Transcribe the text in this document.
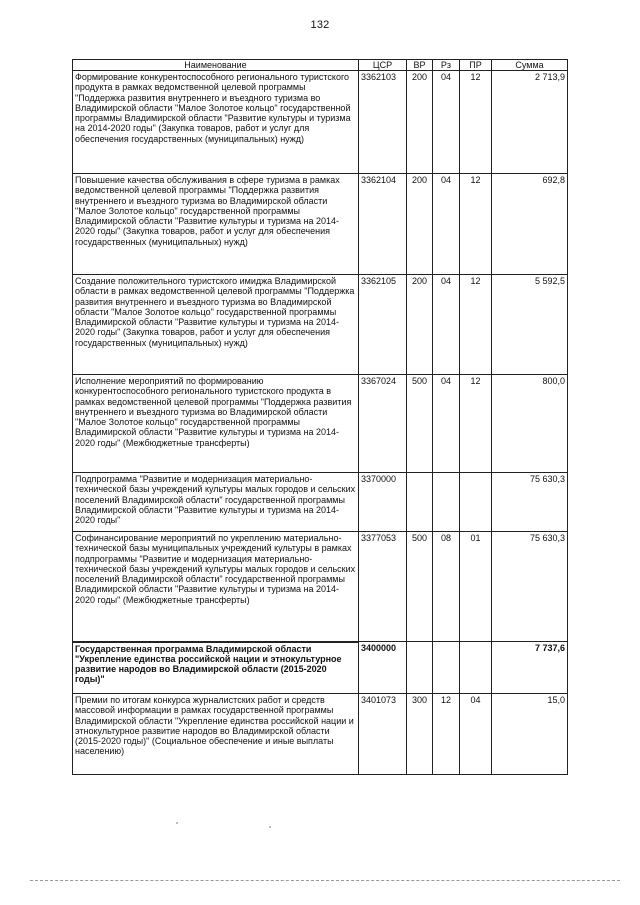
132
Наименование	ЦСР	ВР	Рз	ПР	Сумма
Формирование конкурентоспособного регионального туристского продукта в рамках ведомственной целевой программы "Поддержка развития внутреннего и въездного туризма во Владимирской области "Малое Золотое кольцо" государственной программы Владимирской области "Развитие культуры и туризма на 2014-2020 годы" (Закупка товаров, работ и услуг для обеспечения государственных (муниципальных) нужд)	3362103	200	04	12	2 713,9
Повышение качества обслуживания в сфере туризма в рамках ведомственной целевой программы "Поддержка развития внутреннего и въездного туризма во Владимирской области "Малое Золотое кольцо" государственной программы Владимирской области "Развитие культуры и туризма на 2014-2020 годы" (Закупка товаров, работ и услуг для обеспечения государственных (муниципальных) нужд)	3362104	200	04	12	692,8
Создание положительного туристского имиджа Владимирской области в рамках ведомственной целевой программы "Поддержка развития внутреннего и въездного туризма во Владимирской области "Малое Золотое кольцо" государственной программы Владимирской области "Развитие культуры и туризма на 2014-2020 годы" (Закупка товаров, работ и услуг для обеспечения государственных (муниципальных) нужд)	3362105	200	04	12	5 592,5
Исполнение мероприятий по формированию конкурентоспособного регионального туристского продукта в рамках ведомственной целевой программы "Поддержка развития внутреннего и въездного туризма во Владимирской области "Малое Золотое кольцо" государственной программы Владимирской области "Развитие культуры и туризма на 2014-2020 годы" (Межбюджетные трансферты)	3367024	500	04	12	800,0
Подпрограмма "Развитие и модернизация материально-технической базы учреждений культуры малых городов и сельских поселений Владимирской области" государственной программы Владимирской области "Развитие культуры и туризма на 2014-2020 годы"	3370000				75 630,3
Софинансирование мероприятий по укреплению материально-технической базы муниципальных учреждений культуры в рамках подпрограммы "Развитие и модернизация материально-технической базы учреждений культуры малых городов и сельских поселений Владимирской области" государственной программы Владимирской области "Развитие культуры и туризма на 2014-2020 годы" (Межбюджетные трансферты)	3377053	500	08	01	75 630,3
Государственная программа Владимирской области "Укрепление единства российской нации и этнокультурное развитие народов во Владимирской области (2015-2020 годы)"	3400000				7 737,6
Премии по итогам конкурса журналистских работ и средств массовой информации в рамках государственной программы Владимирской области "Укрепление единства российской нации и этнокультурное развитие народов во Владимирской области (2015-2020 годы)" (Социальное обеспечение и иные выплаты населению)	3401073	300	12	04	15,0
